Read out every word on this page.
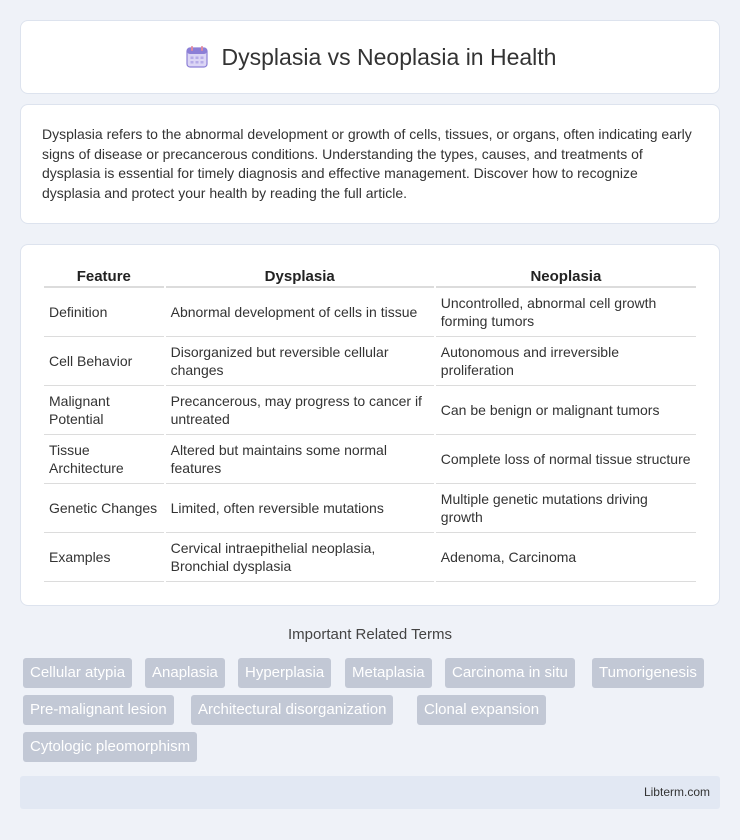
Dysplasia vs Neoplasia in Health

Dysplasia refers to the abnormal development or growth of cells, tissues, or organs, often indicating early signs of disease or precancerous conditions. Understanding the types, causes, and treatments of dysplasia is essential for timely diagnosis and effective management. Discover how to recognize dysplasia and protect your health by reading the full article.

Feature	Dysplasia	Neoplasia
Definition	Abnormal development of cells in tissue	Uncontrolled, abnormal cell growth forming tumors
Cell Behavior	Disorganized but reversible cellular changes	Autonomous and irreversible proliferation
Malignant Potential	Precancerous, may progress to cancer if untreated	Can be benign or malignant tumors
Tissue Architecture	Altered but maintains some normal features	Complete loss of normal tissue structure
Genetic Changes	Limited, often reversible mutations	Multiple genetic mutations driving growth
Examples	Cervical intraepithelial neoplasia, Bronchial dysplasia	Adenoma, Carcinoma
Important Related Terms
Cellular atypia	Anaplasia	Hyperplasia	Metaplasia	Carcinoma in situ	Tumorigenesis
Pre-malignant lesion	Architectural disorganization	Clonal expansion
Cytologic pleomorphism
Libterm.com
